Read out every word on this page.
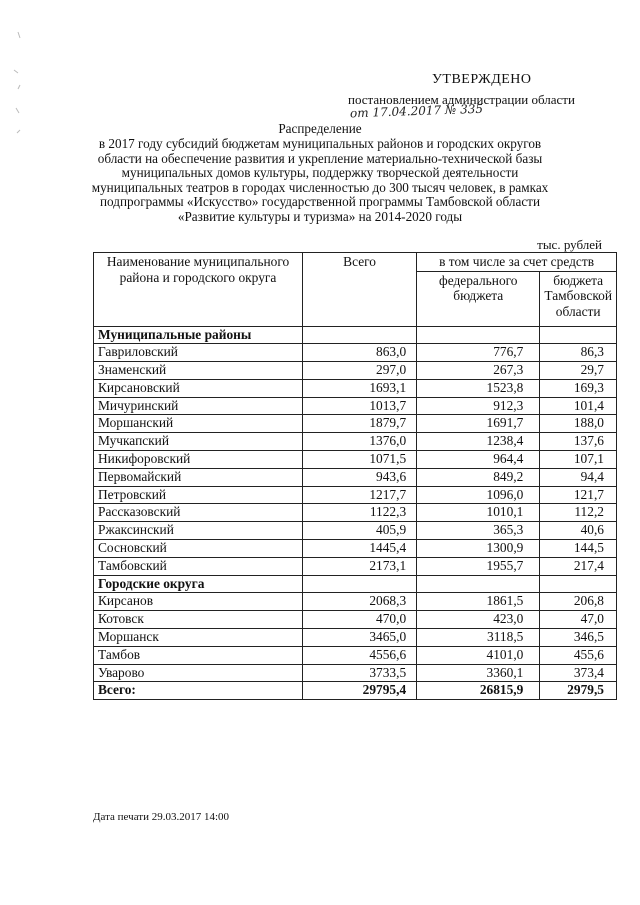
УТВЕРЖДЕНО
постановлением администрации области
от 17.04.2017 № 335
Распределение
в 2017 году субсидий бюджетам муниципальных районов и городских округов области на обеспечение развития и укрепление материально-технической базы муниципальных домов культуры, поддержку творческой деятельности муниципальных театров в городах численностью до 300 тысяч человек, в рамках подпрограммы «Искусство» государственной программы Тамбовской области «Развитие культуры и туризма» на 2014-2020 годы
тыс. рублей
Наименование муниципального района и городского округа	Всего	в том числе за счет средств	
		федерального бюджета	бюджета Тамбовской области
Муниципальные районы			
Гавриловский	863,0	776,7	86,3
Знаменский	297,0	267,3	29,7
Кирсановский	1693,1	1523,8	169,3
Мичуринский	1013,7	912,3	101,4
Моршанский	1879,7	1691,7	188,0
Мучкапский	1376,0	1238,4	137,6
Никифоровский	1071,5	964,4	107,1
Первомайский	943,6	849,2	94,4
Петровский	1217,7	1096,0	121,7
Рассказовский	1122,3	1010,1	112,2
Ржаксинский	405,9	365,3	40,6
Сосновский	1445,4	1300,9	144,5
Тамбовский	2173,1	1955,7	217,4
Городские округа			
Кирсанов	2068,3	1861,5	206,8
Котовск	470,0	423,0	47,0
Моршанск	3465,0	3118,5	346,5
Тамбов	4556,6	4101,0	455,6
Уварово	3733,5	3360,1	373,4
Всего:	29795,4	26815,9	2979,5
Дата печати 29.03.2017 14:00
